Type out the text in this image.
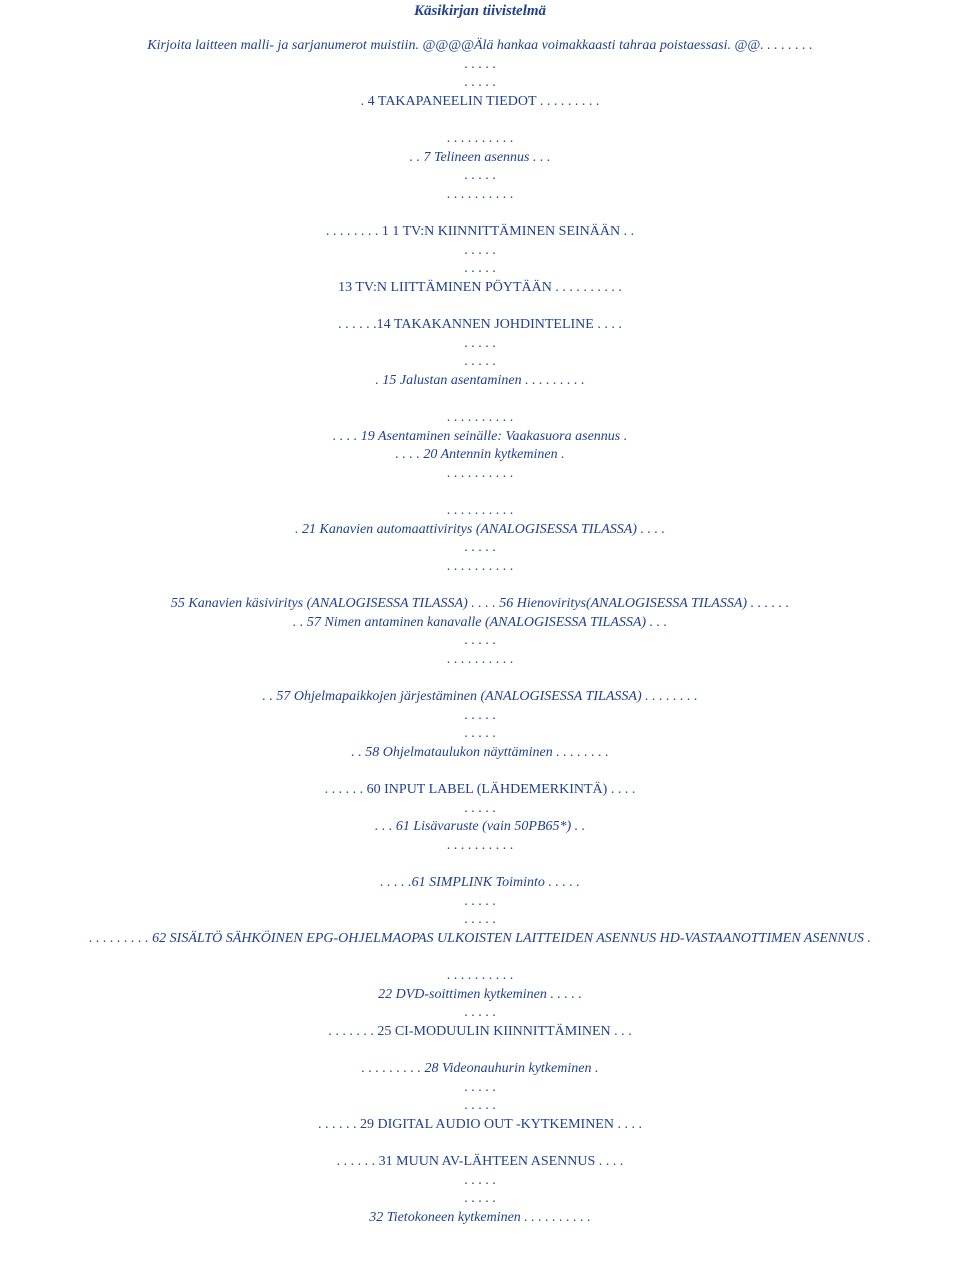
Käsikirjan tiivistelmä
Kirjoita laitteen malli- ja sarjanumerot muistiin. @@@@Älä hankaa voimakkaasti tahraa poistaessasi. @@. . . . . . . .
. . . . .
. . . . .
. 4 TAKAPANEELIN TIEDOT . . . . . . . . .
. . . . . . . . . .
. . 7 Telineen asennus . . .
. . . . .
. . . . . . . . . .
. . . . . . . . 1 1 TV:N KIINNITTÄMINEN SEINÄÄN . .
. . . . .
. . . . .
13 TV:N LIITTÄMINEN PÖYTÄÄN . . . . . . . . . .
. . . . . .14 TAKAKANNEN JOHDINTELINE . . . .
. . . . .
. . . . .
. 15 Jalustan asentaminen . . . . . . . . .
. . . . . . . . . .
. . . . 19 Asentaminen seinälle: Vaakasuora asennus .
. . . . 20 Antennin kytkeminen .
. . . . . . . . . .
. . . . . . . . . .
. 21 Kanavien automaattiviritys (ANALOGISESSA TILASSA) . . . .
. . . . .
. . . . . . . . . .
55 Kanavien käsiviritys (ANALOGISESSA TILASSA) . . . . 56 Hienoviritys(ANALOGISESSA TILASSA) . . . . . .
. . 57 Nimen antaminen kanavalle (ANALOGISESSA TILASSA) . . .
. . . . .
. . . . . . . . . .
. . 57 Ohjelmapaikkojen järjestäminen (ANALOGISESSA TILASSA) . . . . . . . .
. . . . .
. . . . .
. . 58 Ohjelmataulukon näyttäminen . . . . . . . .
. . . . . . 60 INPUT LABEL (LÄHDEMERKINTÄ) . . . .
. . . . .
. . . 61 Lisävaruste (vain 50PB65*) . .
. . . . . . . . . .
. . . . .61 SIMPLINK Toiminto . . . . .
. . . . .
. . . . .
. . . . . . . . . 62 SISÄLTÖ SÄHKÖINEN EPG-OHJELMAOPAS ULKOISTEN LAITTEIDEN ASENNUS HD-VASTAANOTTIMEN ASENNUS .
. . . . . . . . . .
22 DVD-soittimen kytkeminen . . . . .
. . . . .
. . . . . . . 25 CI-MODUULIN KIINNITTÄMINEN . . .
. . . . . . . . . 28 Videonauhurin kytkeminen .
. . . . .
. . . . .
. . . . . . 29 DIGITAL AUDIO OUT -KYTKEMINEN . . . .
. . . . . . 31 MUUN AV-LÄHTEEN ASENNUS . . . .
. . . . .
. . . . .
32 Tietokoneen kytkeminen . . . . . . . . . .
